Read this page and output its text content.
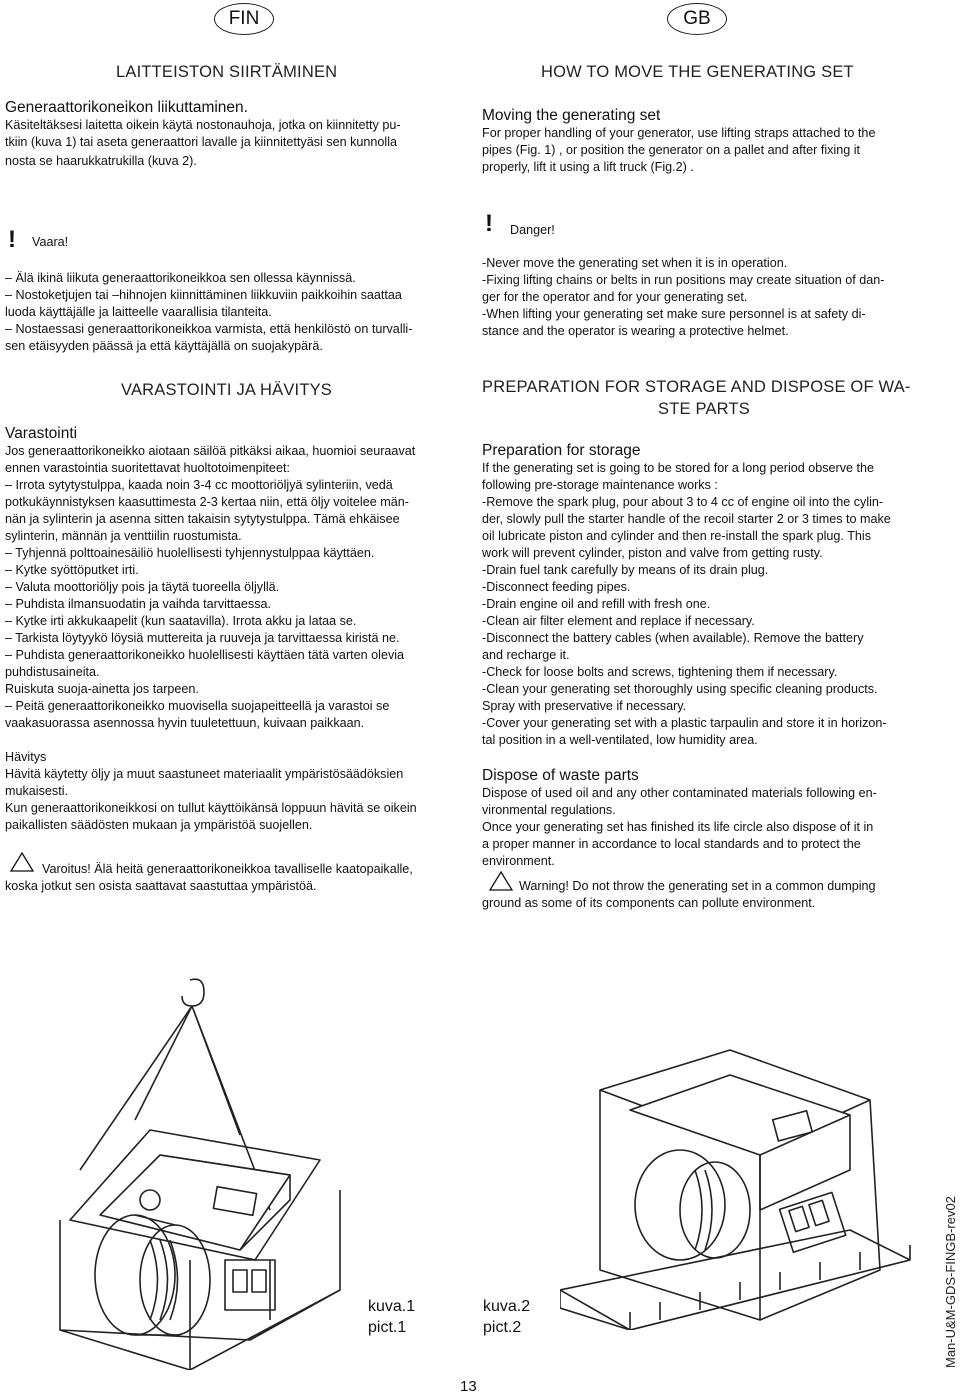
FIN	GB
LAITTEISTON SIIRTÄMINEN
Generaattorikoneikon liikuttaminen.
Käsiteltäksesi laitetta oikein käytä nostonauhoja, jotka on kiinnitetty pu-
tkiin (kuva 1) tai aseta generaattori lavalle ja kiinnitettyäsi sen kunnolla
nosta se haarukkatrukilla (kuva 2).
HOW TO MOVE THE GENERATING SET
Moving the generating set
For proper handling of your generator, use lifting straps attached to the
pipes (Fig. 1) , or position the generator on a pallet and after fixing it
properly, lift it using a lift truck (Fig.2) .
! Vaara!
– Älä ikinä liikuta generaattorikoneikkoa sen ollessa käynnissä.
– Nostoketjujen tai –hihnojen kiinnittäminen liikkuviin paikkoihin saattaa
luoda käyttäjälle ja laitteelle vaarallisia tilanteita.
– Nostaessasi generaattorikoneikkoa varmista, että henkilöstö on turvalli-
sen etäisyyden päässä ja että käyttäjällä on suojakypärä.
! Danger!
-Never move the generating set when it is in operation.
-Fixing lifting chains or belts in run positions may create situation of dan-
ger for the operator and for your generating set.
-When lifting your generating set make sure personnel is at safety di-
stance and the operator is wearing a protective helmet.
VARASTOINTI JA HÄVITYS
Varastointi
Jos generaattorikoneikko aiotaan säilöä pitkäksi aikaa, huomioi seuraavat
ennen varastointia suoritettavat huoltotoimenpiteet:
– Irrota sytytystulppa, kaada noin 3-4 cc moottoriöljyä sylinteriin, vedä
potkukäynnistyksen kaasuttimesta 2-3 kertaa niin, että öljy voitelee män-
nän ja sylinterin ja asenna sitten takaisin sytytystulppa. Tämä ehkäisee
sylinterin, männän ja venttiilin ruostumista.
– Tyhjennä polttoainesäiliö huolellisesti tyhjennystulppaa käyttäen.
– Kytke syöttöputket irti.
– Valuta moottoriöljy pois ja täytä tuoreella öljyllä.
– Puhdista ilmansuodatin ja vaihda tarvittaessa.
– Kytke irti akkukaapelit (kun saatavilla). Irrota akku ja lataa se.
– Tarkista löytyykö löysiä muttereita ja ruuveja ja tarvittaessa kiristä ne.
– Puhdista generaattorikoneikko huolellisesti käyttäen tätä varten olevia
puhdistusaineita.
Ruiskuta suoja-ainetta jos tarpeen.
– Peitä generaattorikoneikko muovisella suojapeitteellä ja varastoi se
vaakasuorassa asennossa hyvin tuuletettuun, kuivaan paikkaan.
Hävitys
Hävitä käytetty öljy ja muut saastuneet materiaalit ympäristösäädöksien
mukaisesti.
Kun generaattorikoneikkosi on tullut käyttöikänsä loppuun hävitä se oikein
paikallisten säädösten mukaan ja ympäristöä suojellen.
Varoitus! Älä heitä generaattorikoneikkoa tavalliselle kaatopaikalle,
koska jotkut sen osista saattavat saastuttaa ympäristöä.
PREPARATION FOR STORAGE AND DISPOSE OF WA-
STE PARTS
Preparation for storage
If the generating set is going to be stored for a long period observe the
following pre-storage maintenance works :
-Remove the spark plug, pour about 3 to 4 cc of engine oil into the cylin-
der, slowly pull the starter handle of the recoil starter 2 or 3 times to make
oil lubricate piston and cylinder and then re-install the spark plug. This
work will prevent cylinder, piston and valve from getting rusty.
-Drain fuel tank carefully by means of its drain plug.
-Disconnect feeding pipes.
-Drain engine oil and refill with fresh one.
-Clean air filter element and replace if necessary.
-Disconnect the battery cables (when available). Remove the battery
and recharge it.
-Check for loose bolts and screws, tightening them if necessary.
-Clean your generating set thoroughly using specific cleaning products.
Spray with preservative if necessary.
-Cover your generating set with a plastic tarpaulin and store it in horizon-
tal position in a well-ventilated, low humidity area.
Dispose of waste parts
Dispose of used oil and any other contaminated materials following en-
vironmental regulations.
Once your generating set has finished its life circle also dispose of it in
a proper manner in accordance to local standards and to protect the
environment.
Warning! Do not throw the generating set in a common dumping
ground as some of its components can pollute environment.
kuva.1
pict.1
kuva.2
pict.2	Man-U&M-GDS-FINGB-rev02
13
